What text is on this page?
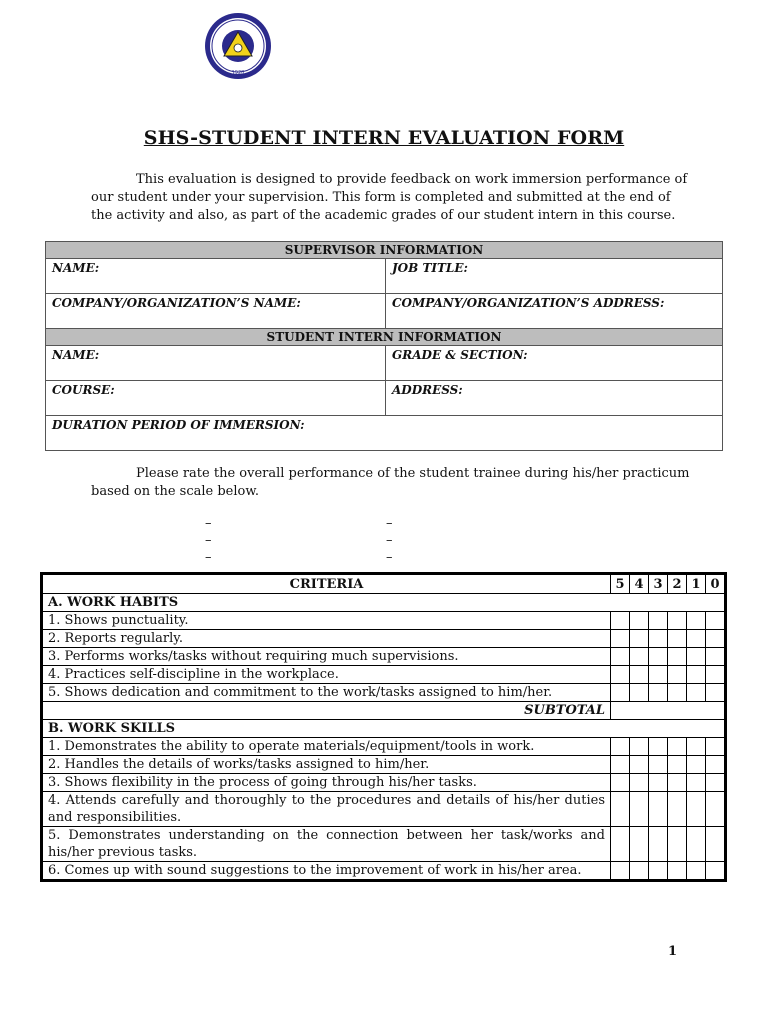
1928
SHS-STUDENT INTERN EVALUATION FORM
This evaluation is designed to provide feedback on work immersion performance of our student under your supervision. This form is completed and submitted at the end of the activity and also, as part of the academic grades of our student intern in this course.
SUPERVISOR INFORMATION
NAME:	JOB TITLE:
COMPANY/ORGANIZATION’S NAME:	COMPANY/ORGANIZATION’S ADDRESS:
STUDENT INTERN INFORMATION
NAME:	GRADE & SECTION:
COURSE:	ADDRESS:
DURATION PERIOD OF IMMERSION:
Please rate the overall performance of the student trainee during his/her practicum based on the scale below.
–
–
–
–
–
–
CRITERIA	5	4	3	2	1	0
A. WORK HABITS						
1. Shows punctuality.						
2. Reports regularly.						
3. Performs works/tasks without requiring much supervisions.						
4. Practices self-discipline in the workplace.						
5. Shows dedication and commitment to the work/tasks assigned to him/her.						
SUBTOTAL						
B. WORK SKILLS						
1. Demonstrates the ability to operate materials/equipment/tools in work.						
2. Handles the details of works/tasks assigned to him/her.						
3. Shows flexibility in the process of going through his/her tasks.						
4. Attends carefully and thoroughly to the procedures and details of his/her duties and responsibilities.						
5. Demonstrates understanding on the connection between her task/works and his/her previous tasks.						
6. Comes up with sound suggestions to the improvement of work in his/her area.						
1
